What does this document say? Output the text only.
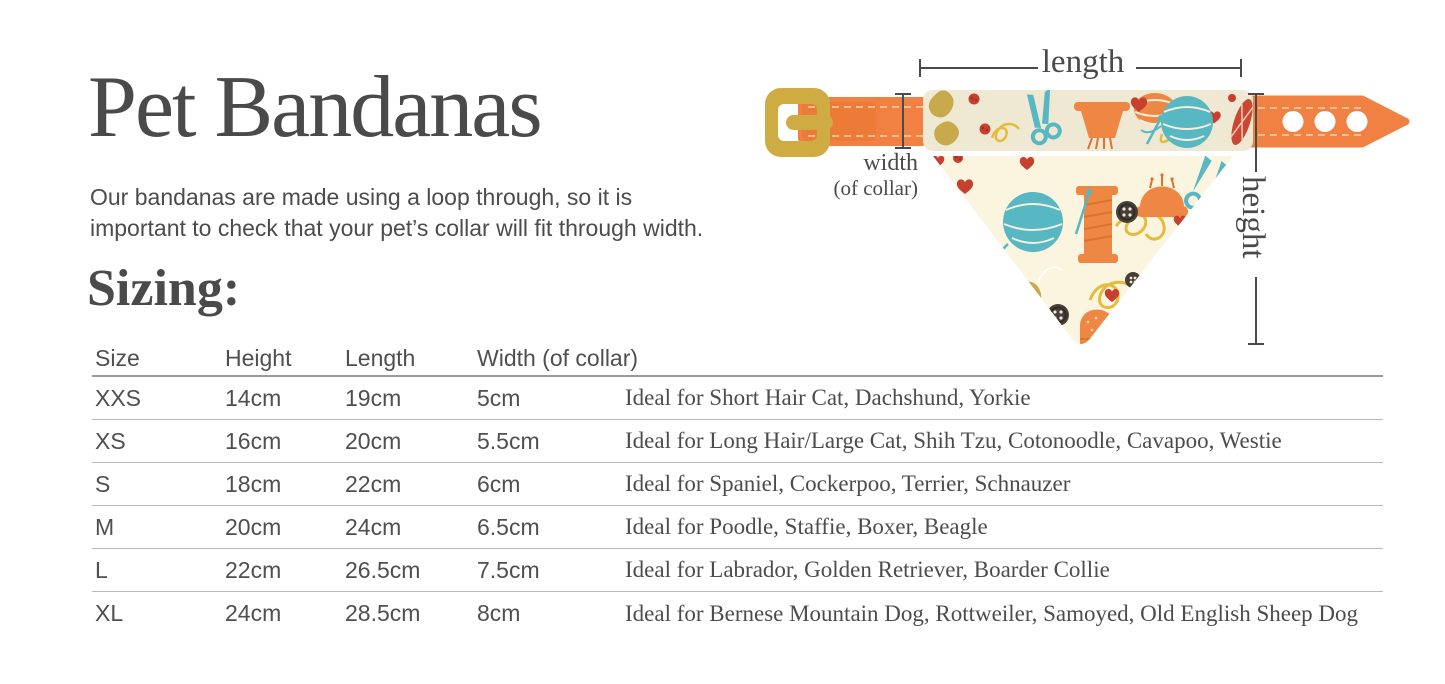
Pet Bandanas
Our bandanas are made using a loop through, so it is
important to check that your pet’s collar will fit through width.
Sizing:
Size	Height	Length	Width (of collar)
XXS	14cm	19cm	5cm	Ideal for Short Hair Cat, Dachshund, Yorkie
XS	16cm	20cm	5.5cm	Ideal for Long Hair/Large Cat, Shih Tzu, Cotonoodle, Cavapoo, Westie
S	18cm	22cm	6cm	Ideal for Spaniel, Cockerpoo, Terrier, Schnauzer
M	20cm	24cm	6.5cm	Ideal for Poodle, Staffie, Boxer, Beagle
L	22cm	26.5cm	7.5cm	Ideal for Labrador, Golden Retriever, Boarder Collie
XL	24cm	28.5cm	8cm	Ideal for Bernese Mountain Dog, Rottweiler, Samoyed, Old English Sheep Dog
length
width
(of collar)	height
